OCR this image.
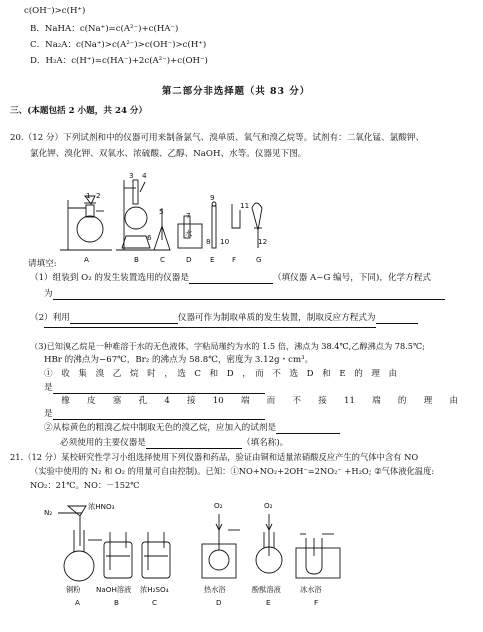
c(OH⁻)>c(H⁺)
B．NaHA：c(Na⁺)=c(A²⁻)+c(HA⁻)
C．Na₂A：c(Na⁺)>c(A²⁻)>c(OH⁻)>c(H⁺)
D．H₂A：c(H⁺)=c(HA⁻)+2c(A²⁻)+c(OH⁻)
第二部分非选择题（共 83 分）
三、(本题包括 2 小题，共 24 分）
20.（12 分）下列试剂和中的仪器可用来制备氯气、溴单质、氧气和溴乙烷等。试剂有：二氧化锰、氯酸钾、
氯化钾、溴化钾、双氧水、浓硫酸、乙醇、NaOH、水等。仪器见下图。
1 2
3 4
5
6
7
8
9
10
11
12
水
A	B	C	D	E F	G
请填空:
（1）组装到 O₂ 的发生装置选用的仪器是	（填仪器 A~G 编号，下同)，化学方程式
为
（2）利用	仪器可作为制取单质的发生装置，制取反应方程式为
（3)已知溴乙烷是一种难溶于水的无色液体，字粘局瑾约为水的 1.5 倍，沸点为 38.4℃,乙醇沸点为 78.5℃;
HBr 的沸点为−67℃，Br₂ 的沸点为 58.8℃，密度为 3.12g・cm³。
①　收　集　溴　乙　烷　时　，　选　C　和　D　，　而　不　选　D　和　E　的　理　由
是
　　橡　　皮　　塞　　孔　　4　　接　　10　　端　　而　　不　　接　　11　　端　　的　　理　　由
是
②从棕黄色的粗溴乙烷中制取无色的溴乙烷，应加入的试剂是
必须使用的主要仪器是	（填名称)。
21.（12 分）某校研究性学习小组选择使用下列仪器和药品，验证由铜和适量浓硝酸反应产生的气体中含有 NO
（实验中使用的 N₂ 和 O₂ 的用量可自由控制)。已知：①NO+NO₂+2OH⁻=2NO₂⁻ +H₂O; ②气体液化温度:
NO₂：21℃。NO：－152℃
N₂
浓HNO₃
铜粉 NaOH溶液 浓H₂SO₄
O₂	O₂
热水浴	酚酞溶液	冰水浴
A	B	C	D	E	F
